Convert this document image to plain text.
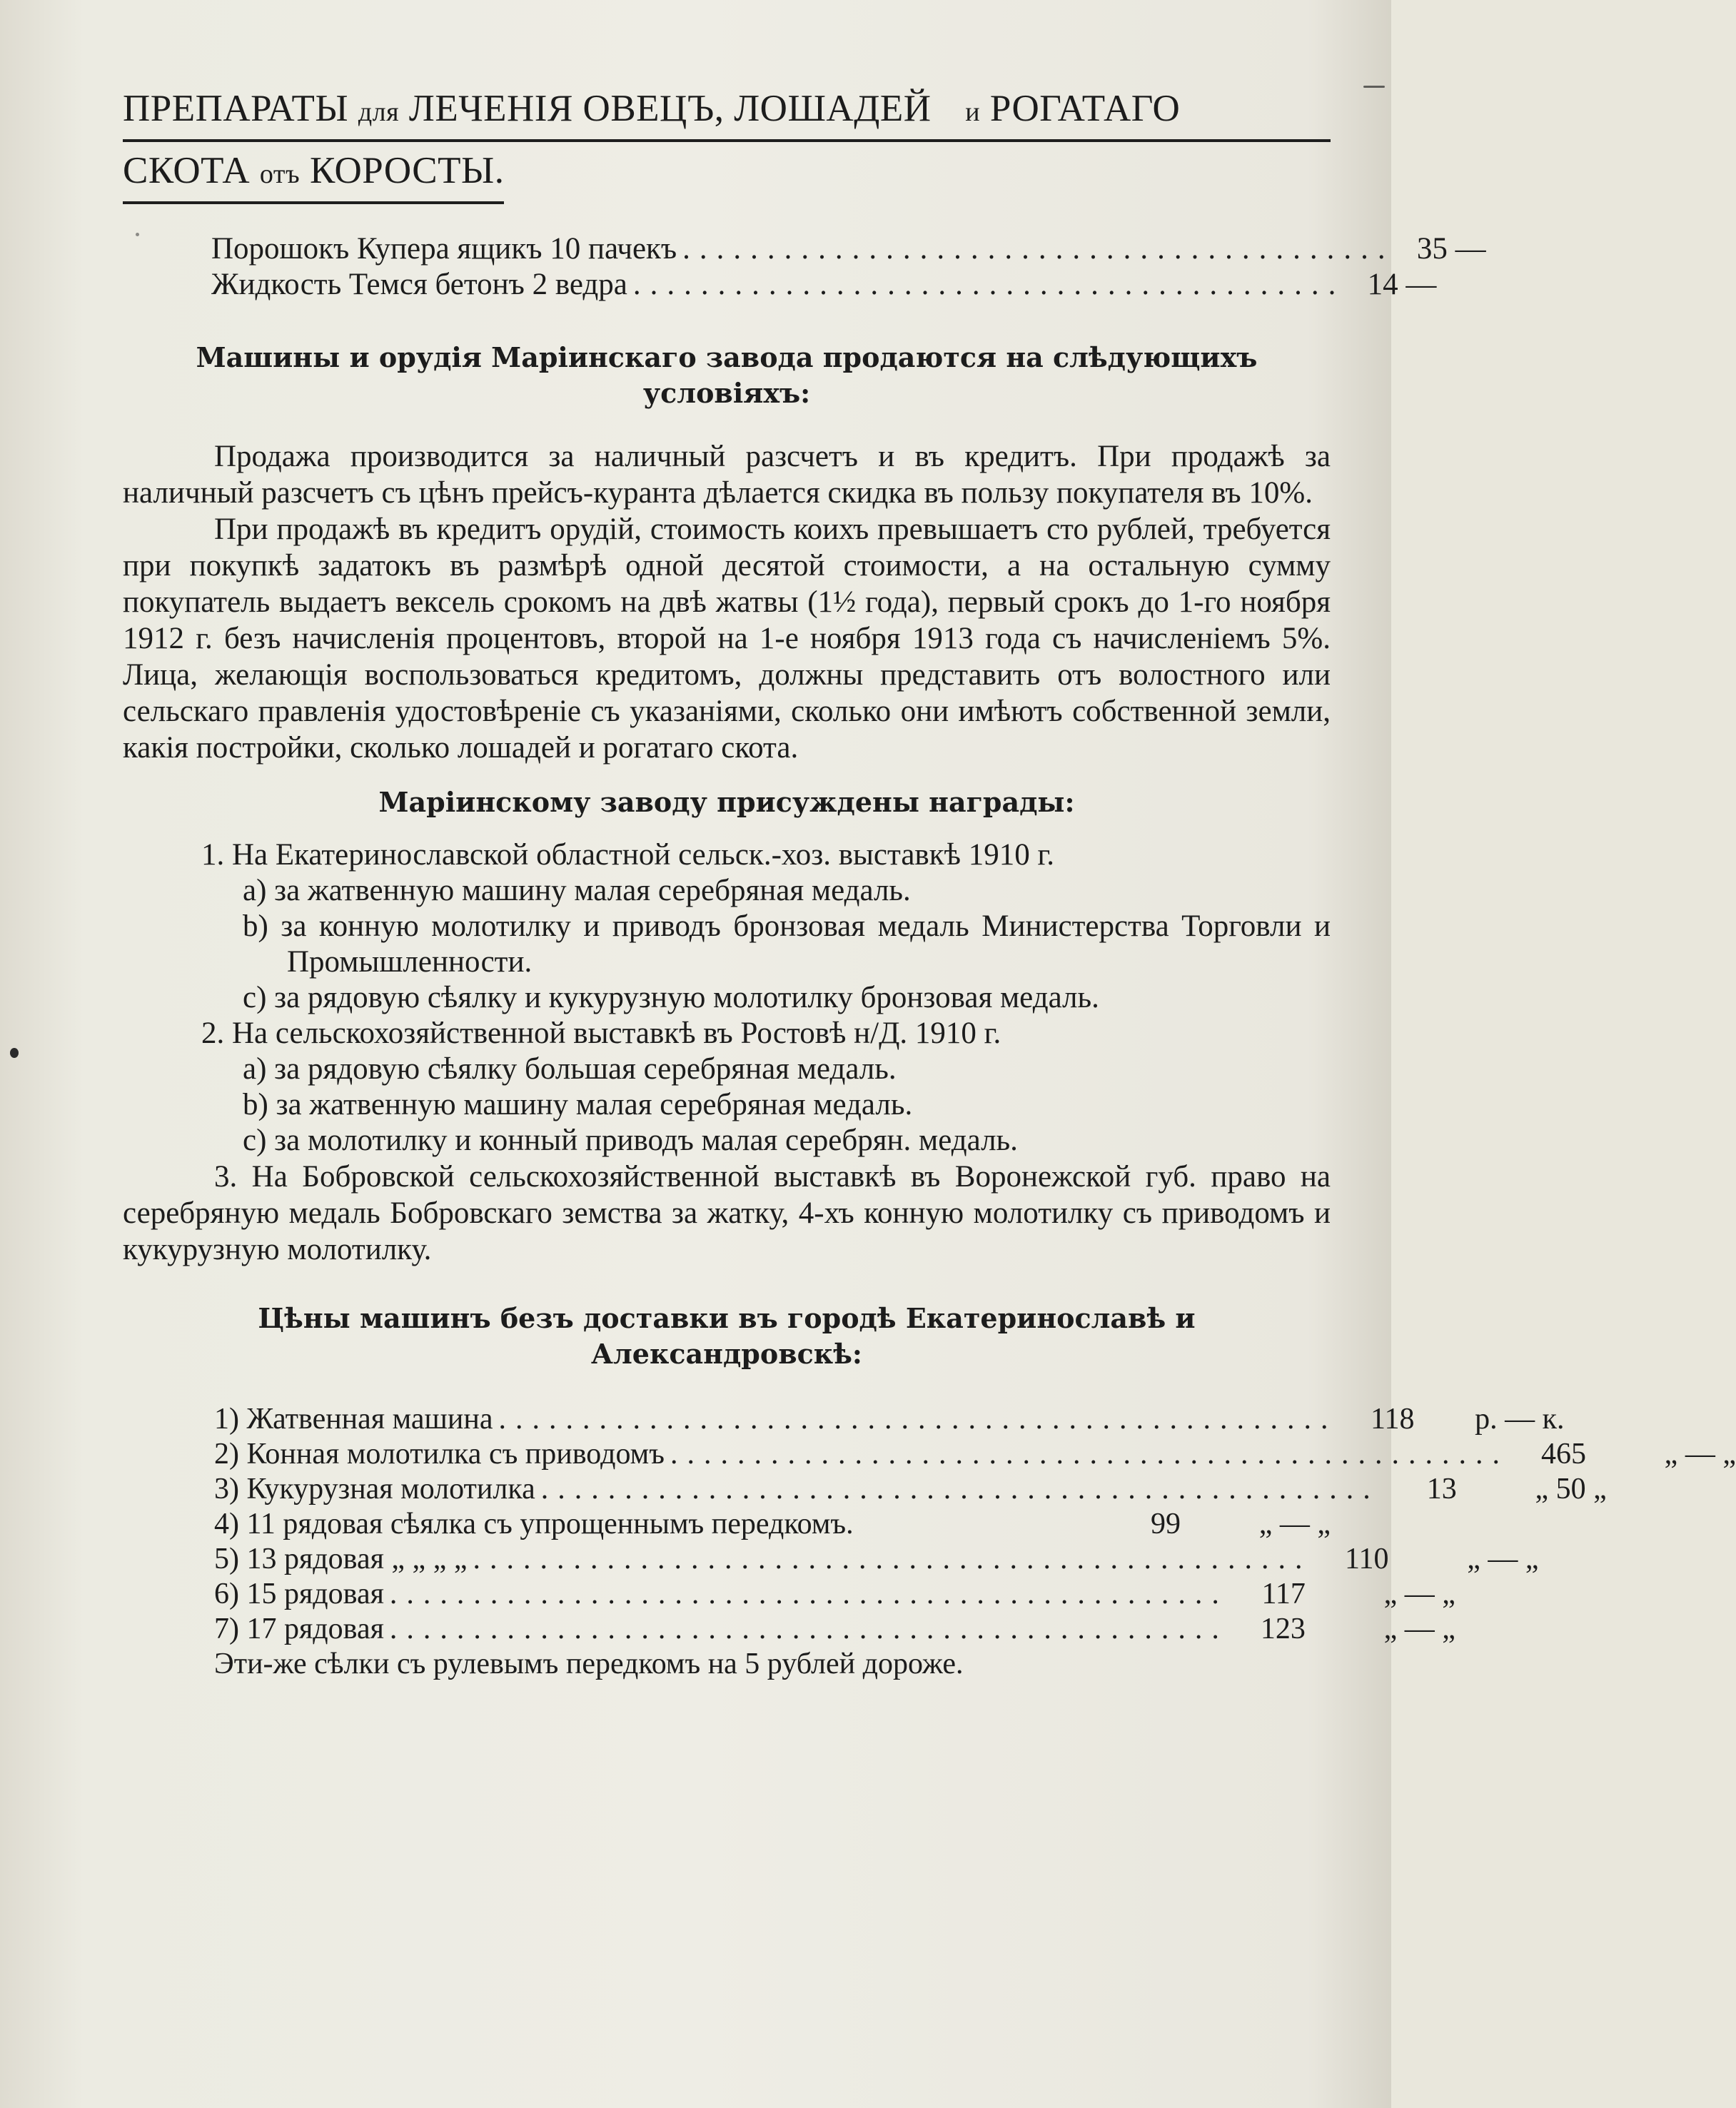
ПРЕПАРАТЫ для ЛЕЧЕНІЯ ОВЕЦЪ, ЛОШАДЕЙ и РОГАТАГО
СКОТА отъ КОРОСТЫ.
Порошокъ Купера ящикъ 10 пачекъ .......................................... 35 —
Жидкость Темся бетонъ 2 ведра .......................................... 14 —
Машины и орудія Маріинскаго завода продаются на слѣдующихъ условіяхъ:
Продажа производится за наличный разсчетъ и въ кредитъ. При продажѣ за наличный разсчетъ съ цѣнъ прейсъ-куранта дѣлается скидка въ пользу покупателя въ 10%.
При продажѣ въ кредитъ орудій, стоимость коихъ превышаетъ сто рублей, требуется при покупкѣ задатокъ въ размѣрѣ одной десятой стоимости, а на остальную сумму покупатель выдаетъ вексель срокомъ на двѣ жатвы (1½ года), первый срокъ до 1-го ноября 1912 г. безъ начисленія процентовъ, второй на 1-е ноября 1913 года съ начисленіемъ 5%. Лица, желающія воспользоваться кредитомъ, должны представить отъ волостного или сельскаго правленія удостовѣреніе съ указаніями, сколько они имѣютъ собственной земли, какія постройки, сколько лошадей и рогатаго скота.
Маріинскому заводу присуждены награды:
1. На Екатеринославской областной сельск.-хоз. выставкѣ 1910 г.
a) за жатвенную машину малая серебряная медаль.
b) за конную молотилку и приводъ бронзовая медаль Министерства Торговли и Промышленности.
c) за рядовую сѣялку и кукурузную молотилку бронзовая медаль.
2. На сельскохозяйственной выставкѣ въ Ростовѣ н/Д. 1910 г.
a) за рядовую сѣялку большая серебряная медаль.
b) за жатвенную машину малая серебряная медаль.
c) за молотилку и конный приводъ малая серебрян. медаль.
3. На Бобровской сельскохозяйственной выставкѣ въ Воронежской губ. право на серебряную медаль Бобровскаго земства за жатку, 4-хъ конную молотилку съ приводомъ и кукурузную молотилку.
Цѣны машинъ безъ доставки въ городѣ Екатеринославѣ и Александровскѣ:
1) Жатвенная машина ..................................................	118	р. — к.
2) Конная молотилка съ приводомъ ..................................................	465	„ — „
3) Кукурузная молотилка ..................................................	13	„ 50 „
4) 11 рядовая сѣялка съ упрощеннымъ передкомъ.	99	„ — „
5) 13 рядовая „ „ „ „ ..................................................	110	„ — „
6) 15 рядовая ..................................................	117	„ — „
7) 17 рядовая ..................................................	123	„ — „
Эти-же сѣлки съ рулевымъ передкомъ на 5 рублей дороже.
